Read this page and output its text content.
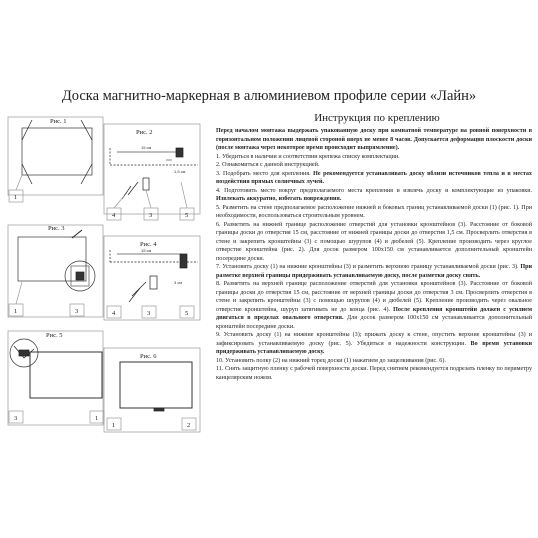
Доска магнитно-маркерная в алюминиевом профиле серии «Лайн»
Инструкция по креплению

Перед началом монтажа выдержать упакованную доску при комнатной температуре на ровной поверхности в горизонтальном положении лицевой стороной вверх не менее 8 часов. Допускается деформация плоскости доски (после монтажа через некоторое время происходит выпрямление).

1. Убедиться в наличии и соответствии крепежа списку комплектации.

2. Ознакомиться с данной инструкцией.

3. Подобрать место для крепления. Не рекомендуется устанавливать доску вблизи источников тепла и в местах воздействия прямых солнечных лучей.

4. Подготовить место вокруг предполагаемого места крепления и извлечь доску и комплектующие из упаковки. Извлекать аккуратно, избегать повреждения.

5. Разметить на стене предполагаемое расположение нижней и боковых границ устанавливаемой доски (1) (рис. 1). При необходимости, воспользоваться строительным уровнем.

6. Разметить на нижней границе расположение отверстий для установки кронштейнов (3). Расстояние от боковой границы доски до отверстия 15 см, расстояние от нижней границы доски до отверстия 1,5 см. Просверлить отверстия в стене и закрепить кронштейны (3) с помощью шурупов (4) и дюбелей (5). Крепление производить через круглое отверстие кронштейна (рис. 2). Для досок размером 100x150 см устанавливается дополнительный кронштейн посередине доски.

7. Установить доску (1) на нижние кронштейны (3) и разметить верхнюю границу устанавливаемой доски (рис. 3). При разметке верхней границы придерживать устанавливаемую доску, после разметки доску снять.

8. Разметить на верхней границе расположение отверстий для установки кронштейнов (3). Расстояние от боковой границы доски до отверстия 15 см, расстояние от верхней границы доски до отверстия 3 см. Просверлить отверстия в стене и закрепить кронштейны (3) с помощью шурупов (4) и дюбелей (5). Крепление производить через овальное отверстие кронштейна, шуруп затягивать не до конца (рис. 4). После крепления кронштейн должен с усилием двигаться в пределах овального отверстия. Для досок размером 100x150 см устанавливается дополнительный кронштейн посередине доски.

9. Установить доску (1) на нижние кронштейны (3); прижать доску к стене, опустить верхние кронштейны (3) и зафиксировать устанавливаемую доску (рис. 5). Убедиться в надежности конструкции. Во время установки придерживать устанавливаемую доску.

10. Установить полку (2) на нижний торец доски (1) нажатием до защелкивания (рис. 6).

11. Снять защитную пленку с рабочей поверхности доски. Перед снятием рекомендуется подрезать пленку по периметру канцелярским ножом.

Рис. 1
Рис. 2
Рис. 3
Рис. 4
Рис. 5
Рис. 6
15 см
1,5 см
15 см
3 см
1
4	3	5
1	3	4	3	5
3	1
1	2
